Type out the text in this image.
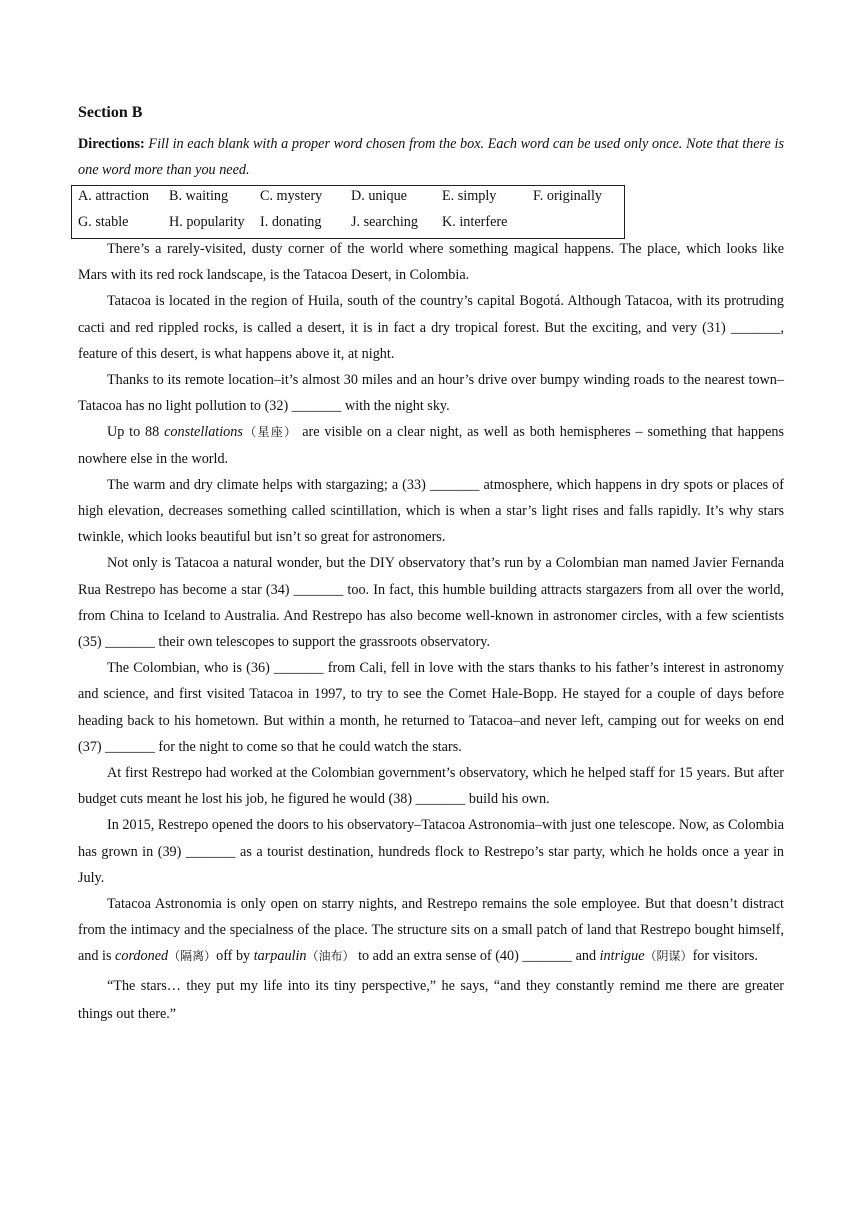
Section B
Directions: Fill in each blank with a proper word chosen from the box. Each word can be used only once. Note that there is one word more than you need.
A. attraction	B. waiting	C. mystery	D. unique	E. simply	F. originally
G. stable	H. popularity	I. donating	J. searching	K. interfere

There’s a rarely-visited, dusty corner of the world where something magical happens. The place, which looks like Mars with its red rock landscape, is the Tatacoa Desert, in Colombia.

Tatacoa is located in the region of Huila, south of the country’s capital Bogotá. Although Tatacoa, with its protruding cacti and red rippled rocks, is called a desert, it is in fact a dry tropical forest. But the exciting, and very (31) _______, feature of this desert, is what happens above it, at night.

Thanks to its remote location–it’s almost 30 miles and an hour’s drive over bumpy winding roads to the nearest town–Tatacoa has no light pollution to (32) _______ with the night sky.

Up to 88 constellations（星座） are visible on a clear night, as well as both hemispheres – something that happens nowhere else in the world.

The warm and dry climate helps with stargazing; a (33) _______ atmosphere, which happens in dry spots or places of high elevation, decreases something called scintillation, which is when a star’s light rises and falls rapidly. It’s why stars twinkle, which looks beautiful but isn’t so great for astronomers.

Not only is Tatacoa a natural wonder, but the DIY observatory that’s run by a Colombian man named Javier Fernanda Rua Restrepo has become a star (34) _______ too. In fact, this humble building attracts stargazers from all over the world, from China to Iceland to Australia. And Restrepo has also become well-known in astronomer circles, with a few scientists (35) _______ their own telescopes to support the grassroots observatory.

The Colombian, who is (36) _______ from Cali, fell in love with the stars thanks to his father’s interest in astronomy and science, and first visited Tatacoa in 1997, to try to see the Comet Hale-Bopp. He stayed for a couple of days before heading back to his hometown. But within a month, he returned to Tatacoa–and never left, camping out for weeks on end (37) _______ for the night to come so that he could watch the stars.

At first Restrepo had worked at the Colombian government’s observatory, which he helped staff for 15 years. But after budget cuts meant he lost his job, he figured he would (38) _______ build his own.

In 2015, Restrepo opened the doors to his observatory–Tatacoa Astronomia–with just one telescope. Now, as Colombia has grown in (39) _______ as a tourist destination, hundreds flock to Restrepo’s star party, which he holds once a year in July.

Tatacoa Astronomia is only open on starry nights, and Restrepo remains the sole employee. But that doesn’t distract from the intimacy and the specialness of the place. The structure sits on a small patch of land that Restrepo bought himself, and is cordoned（隔离）off by tarpaulin（油布） to add an extra sense of (40) _______ and intrigue（阴谋）for visitors.

“The stars… they put my life into its tiny perspective,” he says, “and they constantly remind me there are greater things out there.”
